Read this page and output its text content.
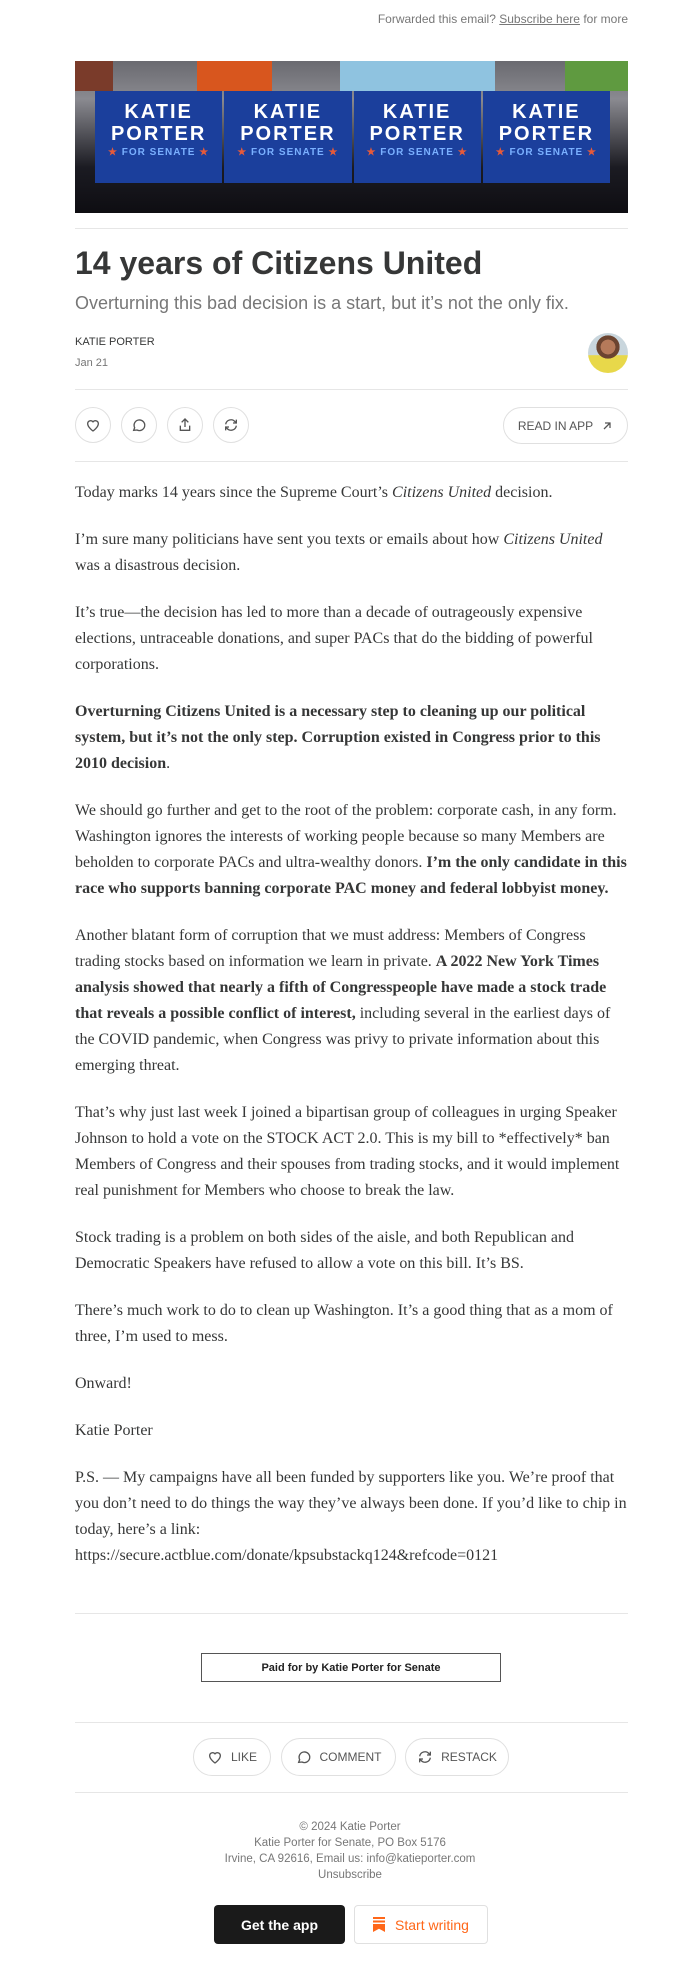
Forwarded this email? Subscribe here for more
KATIE
PORTER
★ FOR SENATE ★
KATIE
PORTER
★ FOR SENATE ★
KATIE
PORTER
★ FOR SENATE ★
KATIE
PORTER
★ FOR SENATE ★
14 years of Citizens United
Overturning this bad decision is a start, but it’s not the only fix.
KATIE PORTER
Jan 21
READ IN APP

Today marks 14 years since the Supreme Court’s Citizens United decision.

I’m sure many politicians have sent you texts or emails about how Citizens United was a disastrous decision.

It’s true—the decision has led to more than a decade of outrageously expensive elections, untraceable donations, and super PACs that do the bidding of powerful corporations.

Overturning Citizens United is a necessary step to cleaning up our political system, but it’s not the only step. Corruption existed in Congress prior to this 2010 decision.

We should go further and get to the root of the problem: corporate cash, in any form. Washington ignores the interests of working people because so many Members are beholden to corporate PACs and ultra-wealthy donors. I’m the only candidate in this race who supports banning corporate PAC money and federal lobbyist money.

Another blatant form of corruption that we must address: Members of Congress trading stocks based on information we learn in private. A 2022 New York Times analysis showed that nearly a fifth of Congresspeople have made a stock trade that reveals a possible conflict of interest, including several in the earliest days of the COVID pandemic, when Congress was privy to private information about this emerging threat.

That’s why just last week I joined a bipartisan group of colleagues in urging Speaker Johnson to hold a vote on the STOCK ACT 2.0. This is my bill to *effectively* ban Members of Congress and their spouses from trading stocks, and it would implement real punishment for Members who choose to break the law.

Stock trading is a problem on both sides of the aisle, and both Republican and Democratic Speakers have refused to allow a vote on this bill. It’s BS.

There’s much work to do to clean up Washington. It’s a good thing that as a mom of three, I’m used to mess.

Onward!

Katie Porter

P.S. — My campaigns have all been funded by supporters like you. We’re proof that you don’t need to do things the way they’ve always been done. If you’d like to chip in today, here’s a link:
https://secure.actblue.com/donate/kpsubstackq124&refcode=0121

Paid for by Katie Porter for Senate
LIKE	COMMENT	RESTACK
© 2024 Katie Porter
Katie Porter for Senate, PO Box 5176
Irvine, CA 92616, Email us: info@katieporter.com
Unsubscribe
Get the app	Start writing
